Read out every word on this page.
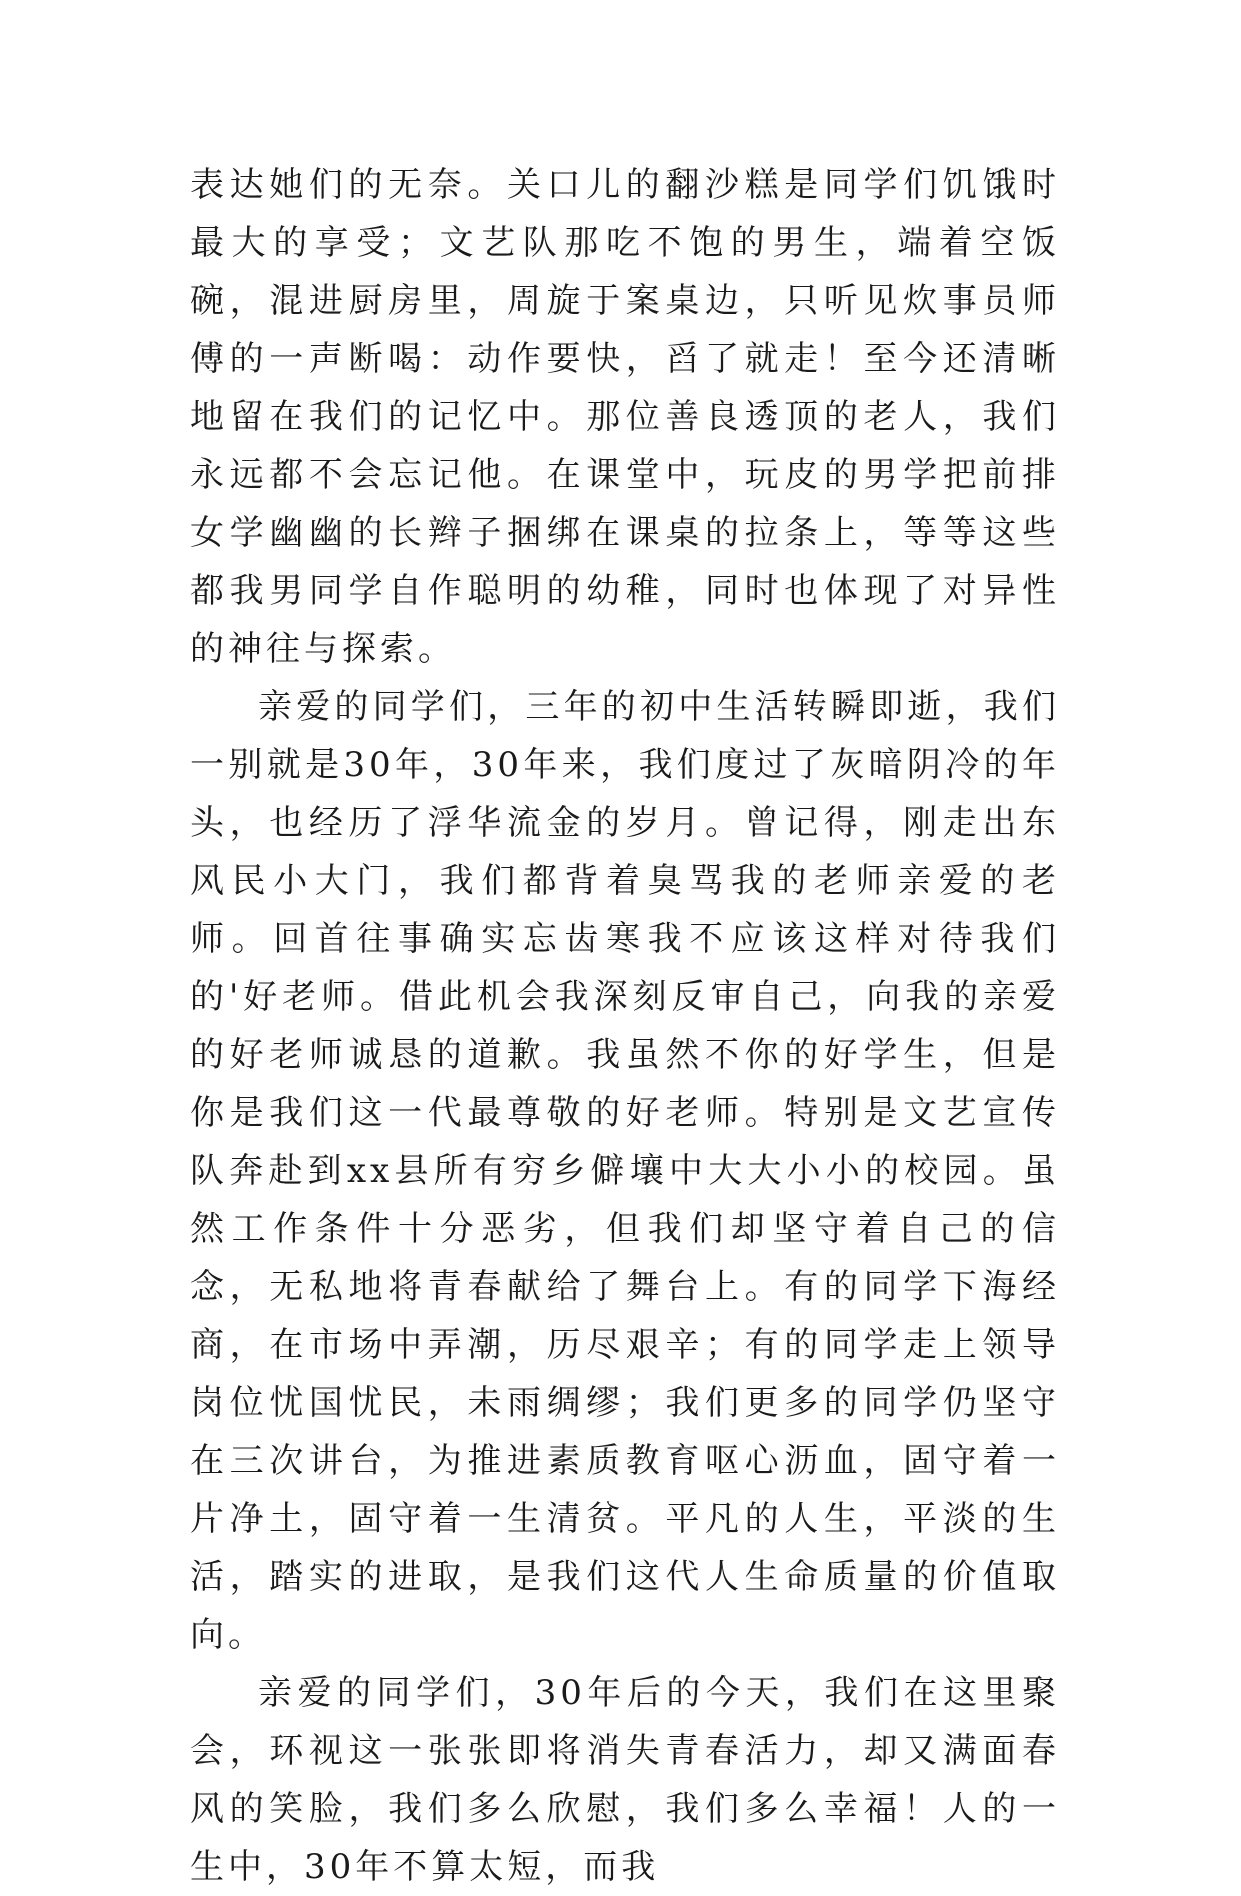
表达她们的无奈。关口儿的翻沙糕是同学们饥饿时最大的享受；文艺队那吃不饱的男生，端着空饭碗，混进厨房里，周旋于案桌边，只听见炊事员师傅的一声断喝：动作要快，舀了就走！至今还清晰地留在我们的记忆中。那位善良透顶的老人，我们永远都不会忘记他。在课堂中，玩皮的男学把前排女学幽幽的长辫子捆绑在课桌的拉条上，等等这些都我男同学自作聪明的幼稚，同时也体现了对异性的神往与探索。

亲爱的同学们，三年的初中生活转瞬即逝，我们一别就是30年，30年来，我们度过了灰暗阴冷的年头，也经历了浮华流金的岁月。曾记得，刚走出东风民小大门，我们都背着臭骂我的老师亲爱的老师。回首往事确实忘齿寒我不应该这样对待我们的'好老师。借此机会我深刻反审自己，向我的亲爱的好老师诚恳的道歉。我虽然不你的好学生，但是你是我们这一代最尊敬的好老师。特别是文艺宣传队奔赴到xx县所有穷乡僻壤中大大小小的校园。虽然工作条件十分恶劣，但我们却坚守着自己的信念，无私地将青春献给了舞台上。有的同学下海经商，在市场中弄潮，历尽艰辛；有的同学走上领导岗位忧国忧民，未雨绸缪；我们更多的同学仍坚守在三次讲台，为推进素质教育呕心沥血，固守着一片净土，固守着一生清贫。平凡的人生，平淡的生活，踏实的进取，是我们这代人生命质量的价值取向。

亲爱的同学们，30年后的今天，我们在这里聚会，环视这一张张即将消失青春活力，却又满面春风的笑脸，我们多么欣慰，我们多么幸福！人的一生中，30年不算太短，而我
